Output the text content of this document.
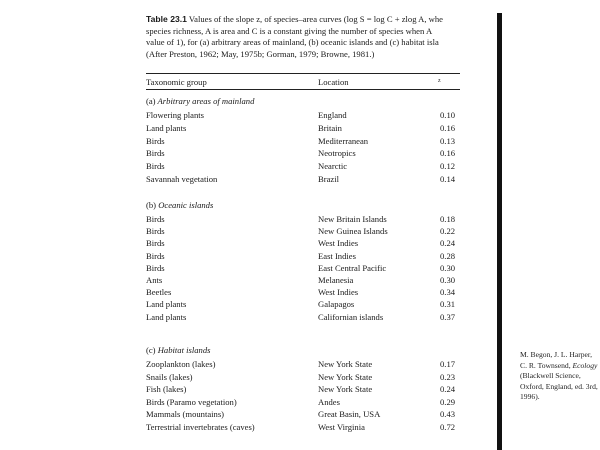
Table 23.1 Values of the slope z, of species–area curves (log S = log C + zlog A, whe
species richness, A is area and C is a constant giving the number of species when A
value of 1), for (a) arbitrary areas of mainland, (b) oceanic islands and (c) habitat isla
(After Preston, 1962; May, 1975b; Gorman, 1979; Browne, 1981.)
Taxonomic group	Location	z
(a) Arbitrary areas of mainland
Flowering plants	England	0.10
Land plants	Britain	0.16
Birds	Mediterranean	0.13
Birds	Neotropics	0.16
Birds	Nearctic	0.12
Savannah vegetation	Brazil	0.14
(b) Oceanic islands
Birds	New Britain Islands	0.18
Birds	New Guinea Islands	0.22
Birds	West Indies	0.24
Birds	East Indies	0.28
Birds	East Central Pacific	0.30
Ants	Melanesia	0.30
Beetles	West Indies	0.34
Land plants	Galapagos	0.31
Land plants	Californian islands	0.37
(c) Habitat islands
Zooplankton (lakes)	New York State	0.17
Snails (lakes)	New York State	0.23
Fish (lakes)	New York State	0.24
Birds (Paramo vegetation)	Andes	0.29
Mammals (mountains)	Great Basin, USA	0.43
Terrestrial invertebrates (caves)	West Virginia	0.72
M. Begon, J. L. Harper, C. R. Townsend, Ecology (Blackwell Science, Oxford, England, ed. 3rd, 1996).
